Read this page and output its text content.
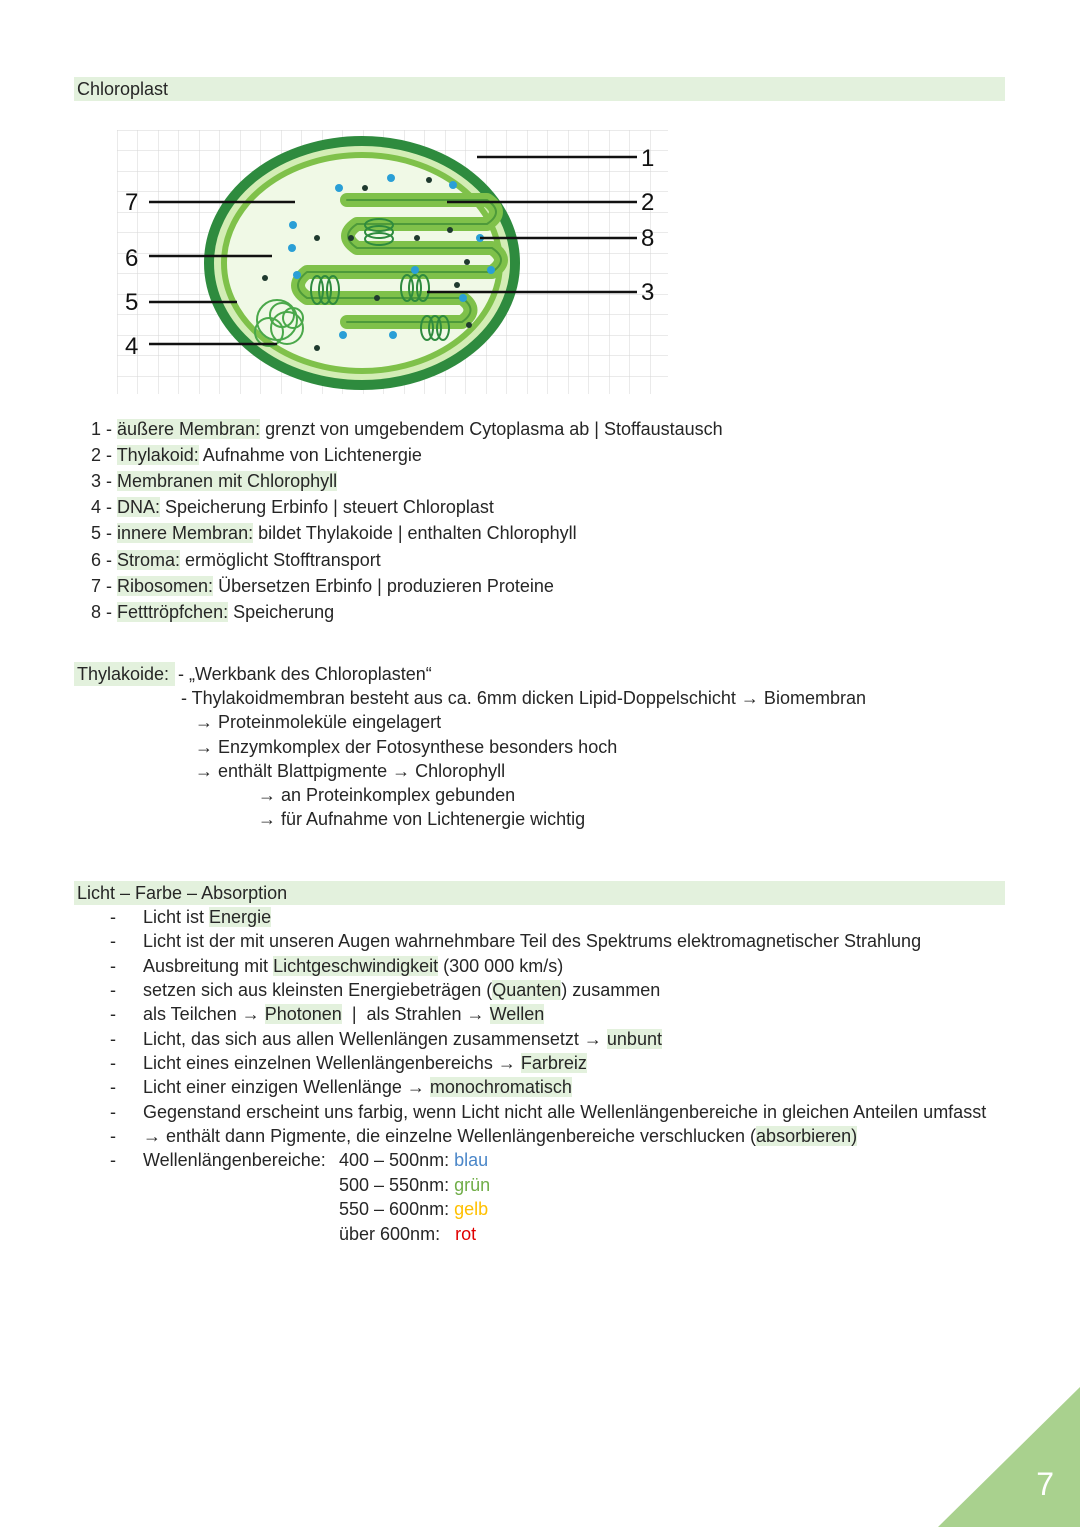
Chloroplast
1
2
8
3
7
6
5
4
1 - äußere Membran: grenzt von umgebendem Cytoplasma ab | Stoffaustausch
2 - Thylakoid: Aufnahme von Lichtenergie
3 - Membranen mit Chlorophyll
4 - DNA: Speicherung Erbinfo | steuert Chloroplast
5 - innere Membran: bildet Thylakoide | enthalten Chlorophyll
6 - Stroma: ermöglicht Stofftransport
7 - Ribosomen: Übersetzen Erbinfo | produzieren Proteine
8 - Fetttröpfchen: Speicherung
Thylakoide: - „Werkbank des Chloroplasten“
- Thylakoidmembran besteht aus ca. 6mm dicken Lipid-Doppelschicht → Biomembran
→ Proteinmoleküle eingelagert
→ Enzymkomplex der Fotosynthese besonders hoch
→ enthält Blattpigmente → Chlorophyll
→ an Proteinkomplex gebunden
→ für Aufnahme von Lichtenergie wichtig
Licht – Farbe – Absorption
- Licht ist Energie
- Licht ist der mit unseren Augen wahrnehmbare Teil des Spektrums elektromagnetischer Strahlung
- Ausbreitung mit Lichtgeschwindigkeit (300 000 km/s)
- setzen sich aus kleinsten Energiebeträgen (Quanten) zusammen
- als Teilchen → Photonen  |  als Strahlen → Wellen
- Licht, das sich aus allen Wellenlängen zusammensetzt → unbunt
- Licht eines einzelnen Wellenlängenbereichs → Farbreiz
- Licht einer einzigen Wellenlänge → monochromatisch
- Gegenstand erscheint uns farbig, wenn Licht nicht alle Wellenlängenbereiche in gleichen Anteilen umfasst
- → enthält dann Pigmente, die einzelne Wellenlängenbereiche verschlucken (absorbieren)
- Wellenlängenbereiche: 400 – 500nm: blau
500 – 550nm: grün
550 – 600nm: gelb
über 600nm:   rot
7
